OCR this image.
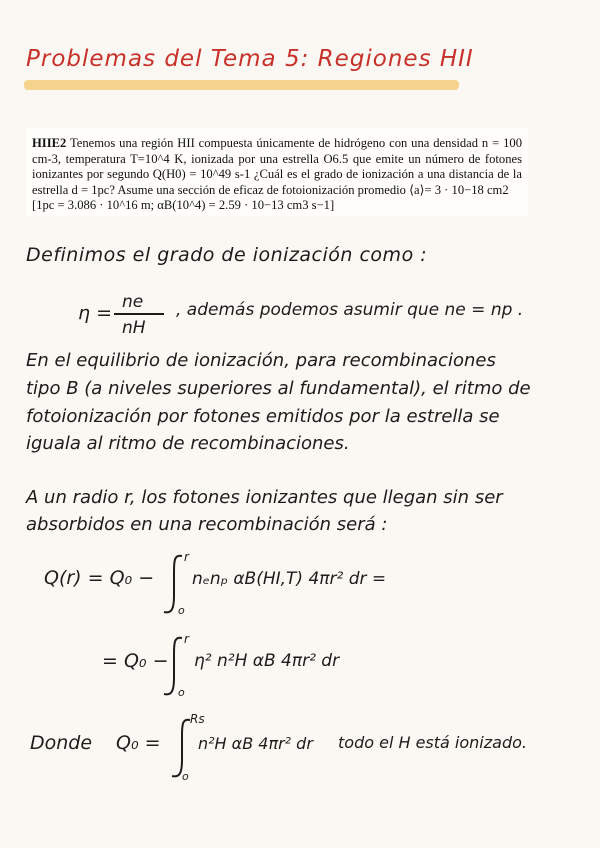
Problemas del Tema 5: Regiones HII
HIIE2 Tenemos una región HII compuesta únicamente de hidrógeno con una densidad n = 100 cm-3, temperatura T=10^4 K, ionizada por una estrella O6.5 que emite un número de fotones ionizantes por segundo Q(H0) = 10^49 s-1 ¿Cuál es el grado de ionización a una distancia de la estrella d = 1pc? Asume una sección de eficaz de fotoionización promedio ⟨a⟩= 3 · 10−18 cm2
[1pc = 3.086 · 10^16 m; αB(10^4) = 2.59 · 10−13 cm3 s−1]
Definimos el grado de ionización como :
η = ne
nH
, además podemos asumir que ne = np .
En el equilibrio de ionización, para recombinaciones
tipo B (a niveles superiores al fundamental), el ritmo de
fotoionización por fotones emitidos por la estrella se
iguala al ritmo de recombinaciones.
A un radio r, los fotones ionizantes que llegan sin ser
absorbidos en una recombinación será :
Q(r) = Q₀ −
r
o
nₑnₚ αB(HI,T) 4πr² dr =
= Q₀ −
r
o
η² n²H αB 4πr² dr
Donde Q₀ =
Rs
o
n²H αB 4πr² dr todo el H está ionizado.
